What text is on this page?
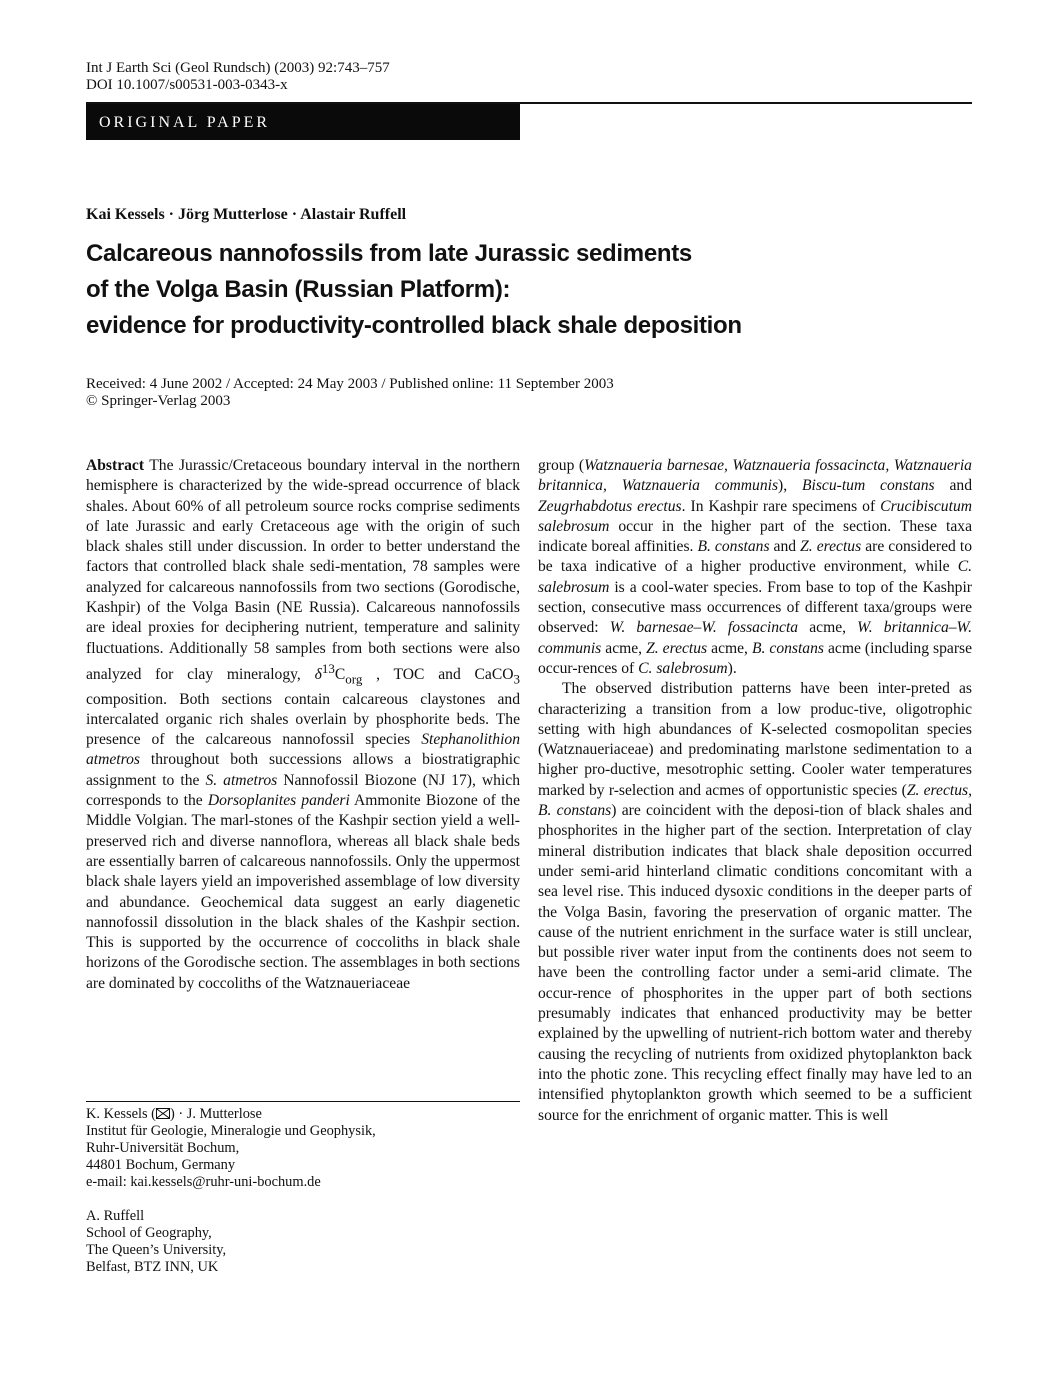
Int J Earth Sci (Geol Rundsch) (2003) 92:743–757
DOI 10.1007/s00531-003-0343-x
ORIGINAL PAPER
Kai Kessels · Jörg Mutterlose · Alastair Ruffell
Calcareous nannofossils from late Jurassic sediments
of the Volga Basin (Russian Platform):
evidence for productivity-controlled black shale deposition
Received: 4 June 2002 / Accepted: 24 May 2003 / Published online: 11 September 2003
© Springer-Verlag 2003

Abstract The Jurassic/Cretaceous boundary interval in the northern hemisphere is characterized by the wide-spread occurrence of black shales. About 60% of all petroleum source rocks comprise sediments of late Jurassic and early Cretaceous age with the origin of such black shales still under discussion. In order to better understand the factors that controlled black shale sedi-mentation, 78 samples were analyzed for calcareous nannofossils from two sections (Gorodische, Kashpir) of the Volga Basin (NE Russia). Calcareous nannofossils are ideal proxies for deciphering nutrient, temperature and salinity fluctuations. Additionally 58 samples from both sections were also analyzed for clay mineralogy, $\delta^{13}C_{org}$ , TOC and CaCO$_3$ composition. Both sections contain calcareous claystones and intercalated organic rich shales overlain by phosphorite beds. The presence of the calcareous nannofossil species Stephanolithion atmetros throughout both successions allows a biostratigraphic assignment to the S. atmetros Nannofossil Biozone (NJ 17), which corresponds to the Dorsoplanites panderi Ammonite Biozone of the Middle Volgian. The marl-stones of the Kashpir section yield a well-preserved rich and diverse nannoflora, whereas all black shale beds are essentially barren of calcareous nannofossils. Only the uppermost black shale layers yield an impoverished assemblage of low diversity and abundance. Geochemical data suggest an early diagenetic nannofossil dissolution in the black shales of the Kashpir section. This is supported by the occurrence of coccoliths in black shale horizons of the Gorodische section. The assemblages in both sections are dominated by coccoliths of the Watznaueriaceae

K. Kessels ( ) · J. Mutterlose
Institut für Geologie, Mineralogie und Geophysik,
Ruhr-Universität Bochum,
44801 Bochum, Germany
e-mail: kai.kessels@ruhr-uni-bochum.de
A. Ruffell
School of Geography,
The Queen’s University,
Belfast, BTZ INN, UK

group (Watznaueria barnesae, Watznaueria fossacincta, Watznaueria britannica, Watznaueria communis), Biscu-tum constans and Zeugrhabdotus erectus. In Kashpir rare specimens of Crucibiscutum salebrosum occur in the higher part of the section. These taxa indicate boreal affinities. B. constans and Z. erectus are considered to be taxa indicative of a higher productive environment, while C. salebrosum is a cool-water species. From base to top of the Kashpir section, consecutive mass occurrences of different taxa/groups were observed: W. barnesae–W. fossacincta acme, W. britannica–W. communis acme, Z. erectus acme, B. constans acme (including sparse occur-rences of C. salebrosum).

The observed distribution patterns have been inter-preted as characterizing a transition from a low produc-tive, oligotrophic setting with high abundances of K-selected cosmopolitan species (Watznaueriaceae) and predominating marlstone sedimentation to a higher pro-ductive, mesotrophic setting. Cooler water temperatures marked by r-selection and acmes of opportunistic species (Z. erectus, B. constans) are coincident with the deposi-tion of black shales and phosphorites in the higher part of the section. Interpretation of clay mineral distribution indicates that black shale deposition occurred under semi-arid hinterland climatic conditions concomitant with a sea level rise. This induced dysoxic conditions in the deeper parts of the Volga Basin, favoring the preservation of organic matter. The cause of the nutrient enrichment in the surface water is still unclear, but possible river water input from the continents does not seem to have been the controlling factor under a semi-arid climate. The occur-rence of phosphorites in the upper part of both sections presumably indicates that enhanced productivity may be better explained by the upwelling of nutrient-rich bottom water and thereby causing the recycling of nutrients from oxidized phytoplankton back into the photic zone. This recycling effect finally may have led to an intensified phytoplankton growth which seemed to be a sufficient source for the enrichment of organic matter. This is well
